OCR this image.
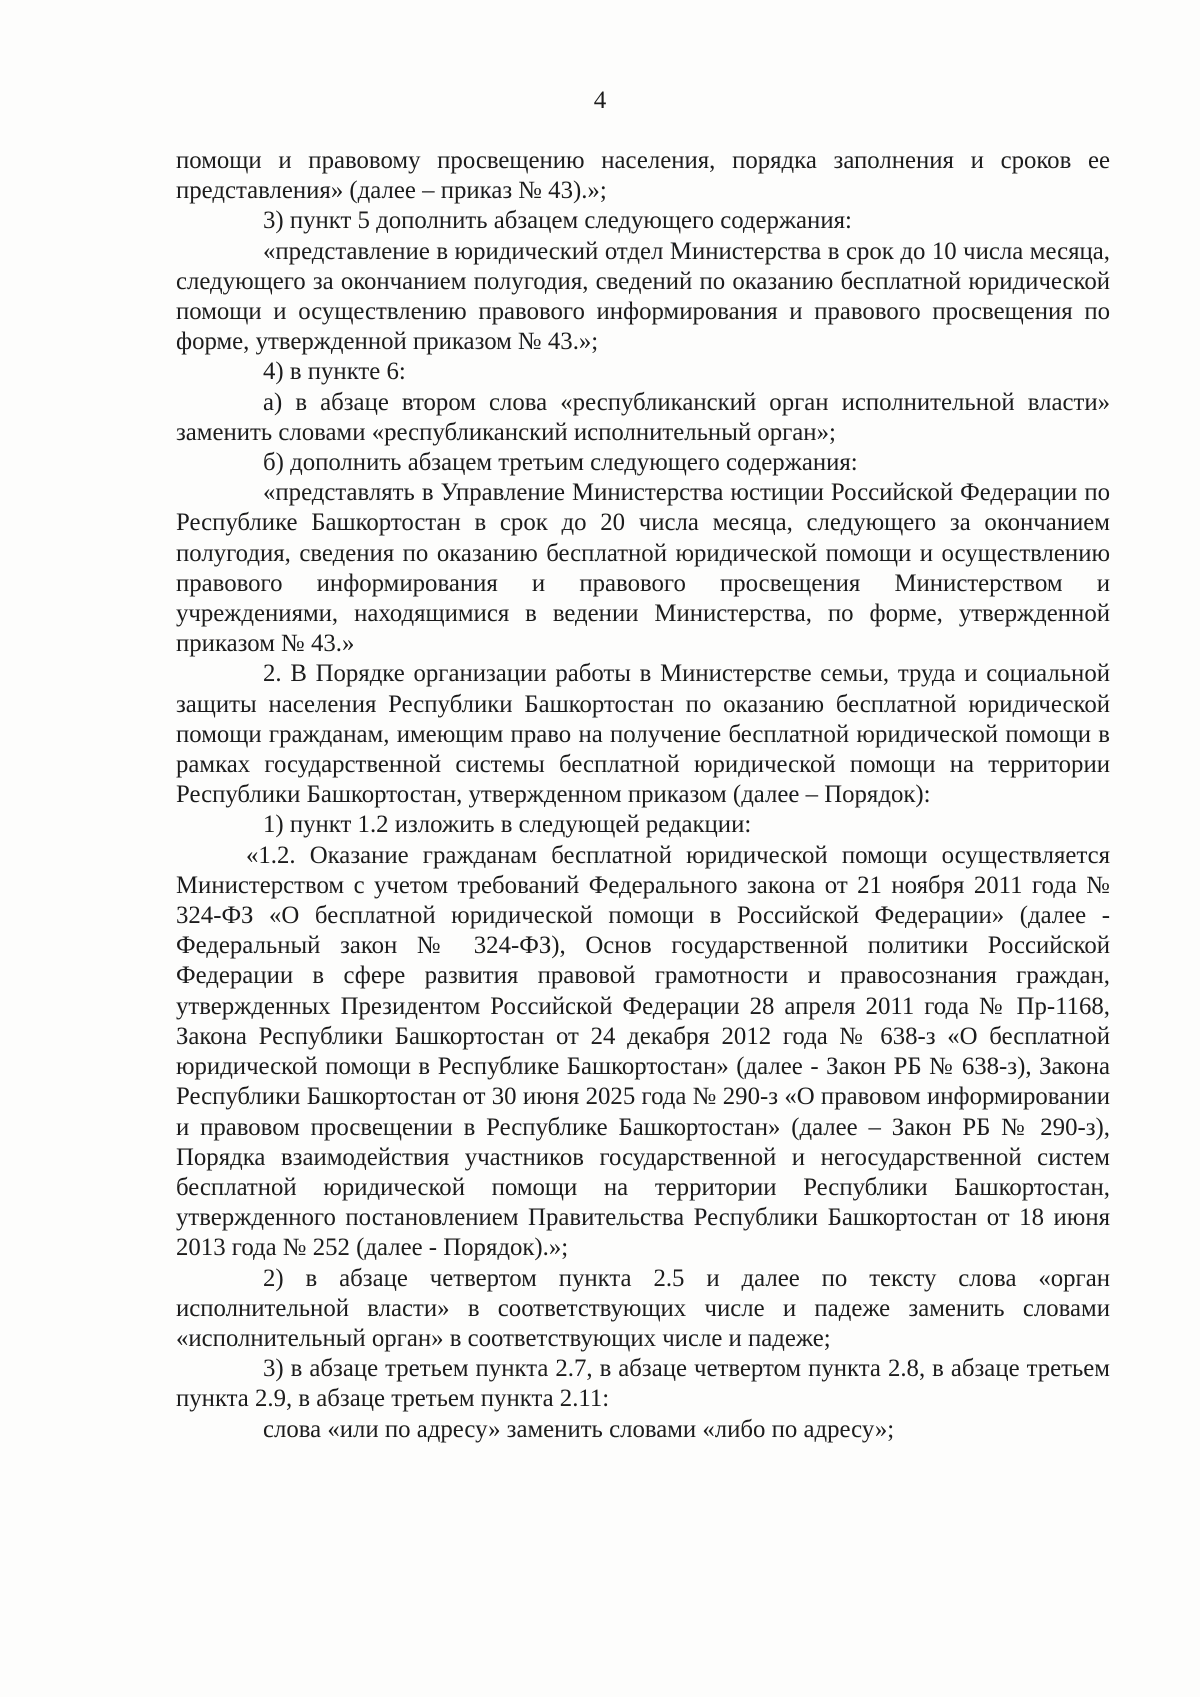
4

помощи и правовому просвещению населения, порядка заполнения и сроков ее представления» (далее – приказ № 43).»;

3) пункт 5 дополнить абзацем следующего содержания:

«представление в юридический отдел Министерства в срок до 10 числа месяца, следующего за окончанием полугодия, сведений по оказанию бесплатной юридической помощи и осуществлению правового информирования и правового просвещения по форме, утвержденной приказом № 43.»;

4) в пункте 6:

а) в абзаце втором слова «республиканский орган исполнительной власти» заменить словами «республиканский исполнительный орган»;

б) дополнить абзацем третьим следующего содержания:

«представлять в Управление Министерства юстиции Российской Федерации по Республике Башкортостан в срок до 20 числа месяца, следующего за окончанием полугодия, сведения по оказанию бесплатной юридической помощи и осуществлению правового информирования и правового просвещения Министерством и учреждениями, находящимися в ведении Министерства, по форме, утвержденной приказом № 43.»

2. В Порядке организации работы в Министерстве семьи, труда и социальной защиты населения Республики Башкортостан по оказанию бесплатной юридической помощи гражданам, имеющим право на получение бесплатной юридической помощи в рамках государственной системы бесплатной юридической помощи на территории Республики Башкортостан, утвержденном приказом (далее – Порядок):

1) пункт 1.2 изложить в следующей редакции:

«1.2. Оказание гражданам бесплатной юридической помощи осуществляется Министерством с учетом требований Федерального закона от 21 ноября 2011 года № 324-ФЗ «О бесплатной юридической помощи в Российской Федерации» (далее - Федеральный закон № 324-ФЗ), Основ государственной политики Российской Федерации в сфере развития правовой грамотности и правосознания граждан, утвержденных Президентом Российской Федерации 28 апреля 2011 года № Пр-1168, Закона Республики Башкортостан от 24 декабря 2012 года № 638-з «О бесплатной юридической помощи в Республике Башкортостан» (далее - Закон РБ № 638-з), Закона Республики Башкортостан от 30 июня 2025 года № 290-з «О правовом информировании и правовом просвещении в Республике Башкортостан» (далее – Закон РБ № 290-з), Порядка взаимодействия участников государственной и негосударственной систем бесплатной юридической помощи на территории Республики Башкортостан, утвержденного постановлением Правительства Республики Башкортостан от 18 июня 2013 года № 252 (далее - Порядок).»;

2) в абзаце четвертом пункта 2.5 и далее по тексту слова «орган исполнительной власти» в соответствующих числе и падеже заменить словами «исполнительный орган» в соответствующих числе и падеже;

3) в абзаце третьем пункта 2.7, в абзаце четвертом пункта 2.8, в абзаце третьем пункта 2.9, в абзаце третьем пункта 2.11:

слова «или по адресу» заменить словами «либо по адресу»;
